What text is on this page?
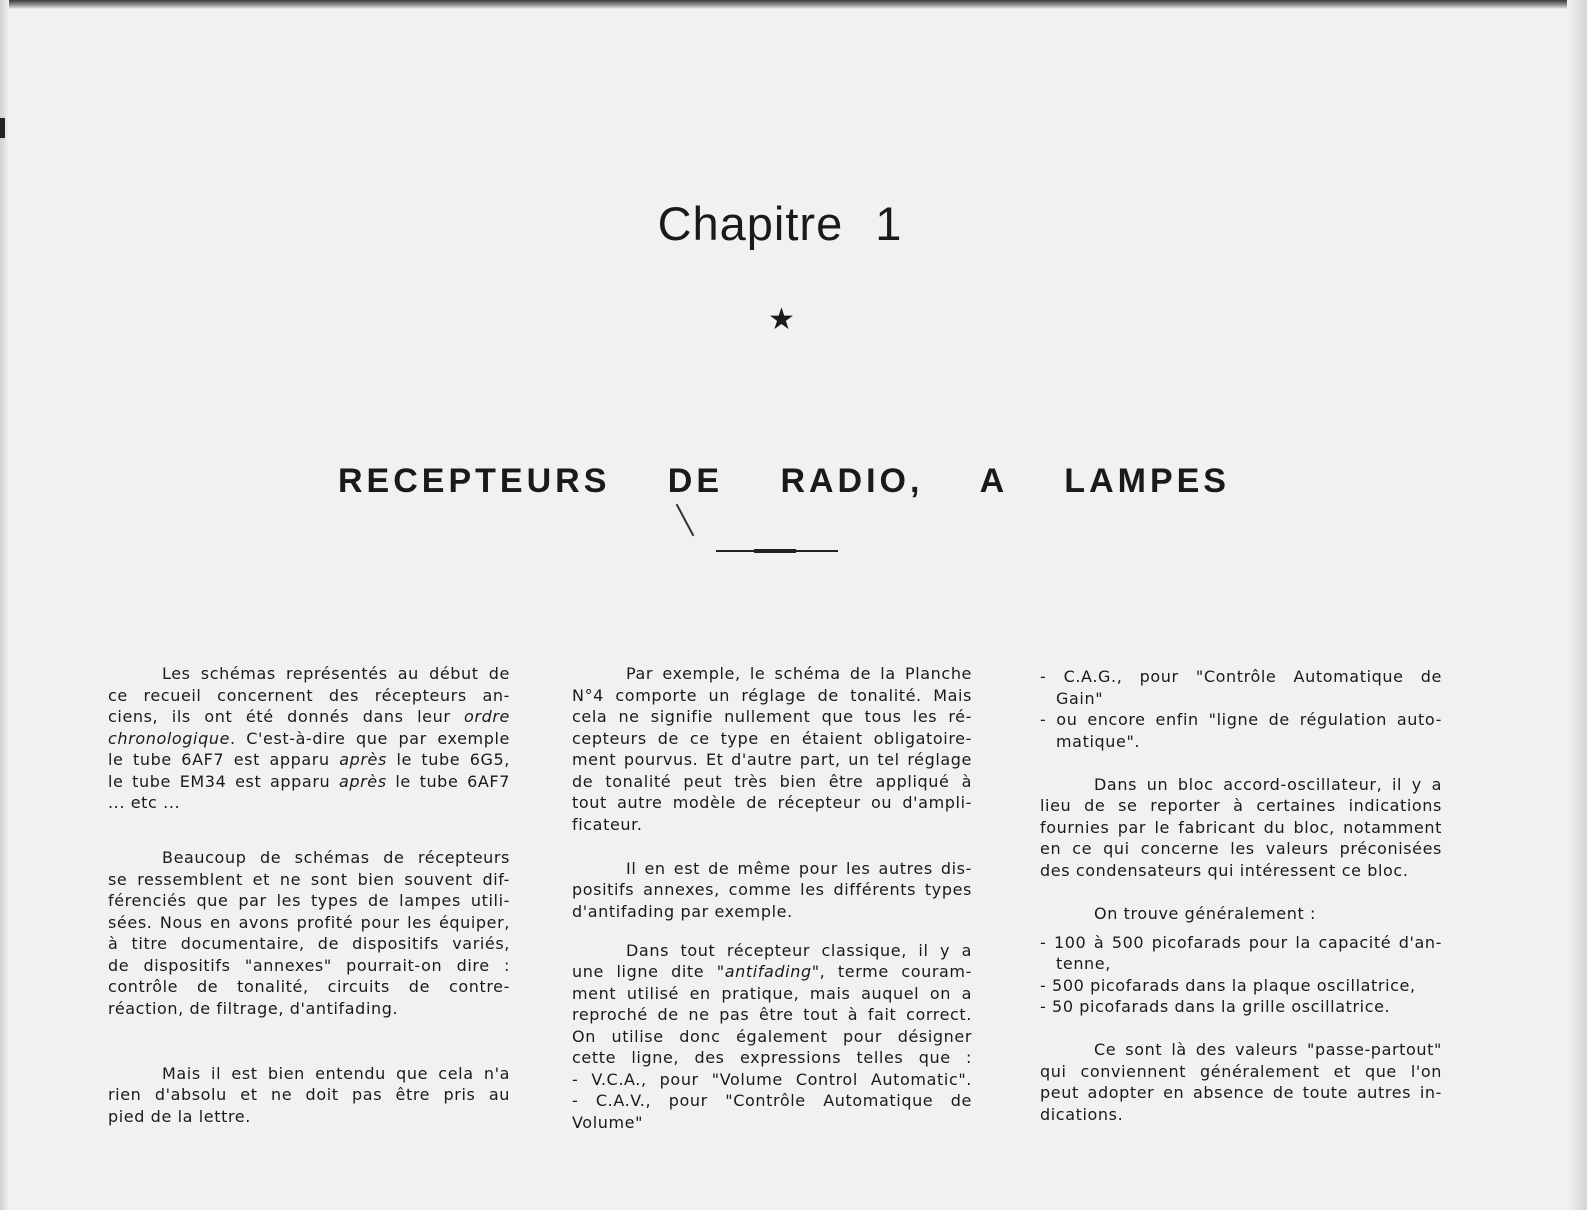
Chapitre 1
★
RECEPTEURS DE RADIO, A LAMPES
Les schémas représentés au début de
ce recueil concernent des récepteurs an-
ciens, ils ont été donnés dans leur ordre
chronologique. C'est-à-dire que par exemple
le tube 6AF7 est apparu après le tube 6G5,
le tube EM34 est apparu après le tube 6AF7
... etc ...
Beaucoup de schémas de récepteurs
se ressemblent et ne sont bien souvent dif-
férenciés que par les types de lampes utili-
sées. Nous en avons profité pour les équiper,
à titre documentaire, de dispositifs variés,
de dispositifs "annexes" pourrait-on dire :
contrôle de tonalité, circuits de contre-
réaction, de filtrage, d'antifading.
Mais il est bien entendu que cela n'a
rien d'absolu et ne doit pas être pris au
pied de la lettre.
Par exemple, le schéma de la Planche
N°4 comporte un réglage de tonalité. Mais
cela ne signifie nullement que tous les ré-
cepteurs de ce type en étaient obligatoire-
ment pourvus. Et d'autre part, un tel réglage
de tonalité peut très bien être appliqué à
tout autre modèle de récepteur ou d'ampli-
ficateur.
Il en est de même pour les autres dis-
positifs annexes, comme les différents types
d'antifading par exemple.
Dans tout récepteur classique, il y a
une ligne dite "antifading", terme couram-
ment utilisé en pratique, mais auquel on a
reproché de ne pas être tout à fait correct.
On utilise donc également pour désigner
cette ligne, des expressions telles que :
- V.C.A., pour "Volume Control Automatic".
- C.A.V., pour "Contrôle Automatique de
Volume"
- C.A.G., pour "Contrôle Automatique de
Gain"
- ou encore enfin "ligne de régulation auto-
matique".
Dans un bloc accord-oscillateur, il y a
lieu de se reporter à certaines indications
fournies par le fabricant du bloc, notamment
en ce qui concerne les valeurs préconisées
des condensateurs qui intéressent ce bloc.
On trouve généralement :
- 100 à 500 picofarads pour la capacité d'an-
tenne,
- 500 picofarads dans la plaque oscillatrice,
- 50 picofarads dans la grille oscillatrice.
Ce sont là des valeurs "passe-partout"
qui conviennent généralement et que l'on
peut adopter en absence de toute autres in-
dications.
